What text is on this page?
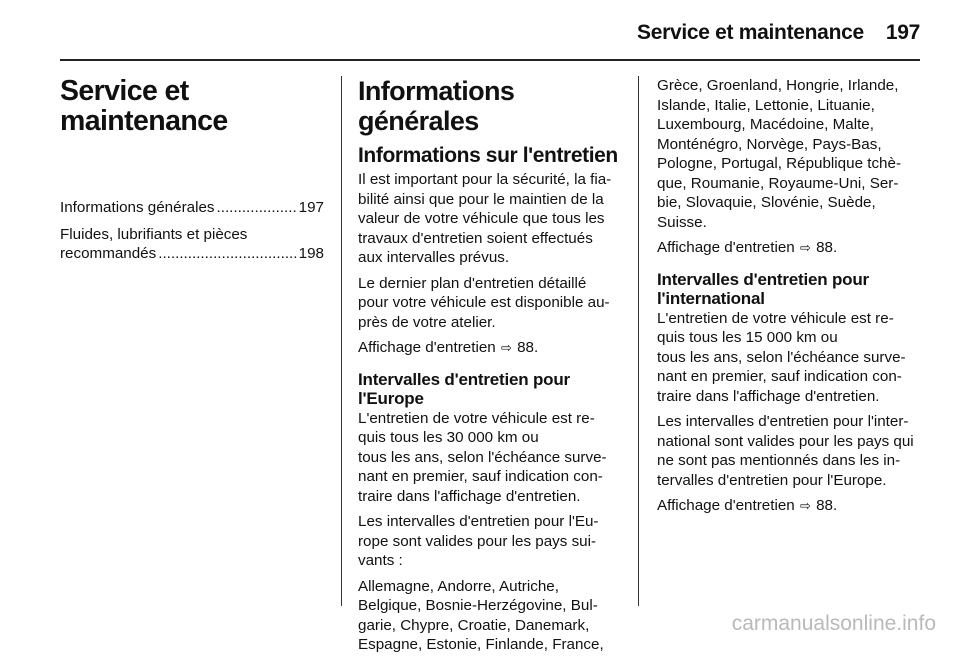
Service et maintenance 197
Service et
maintenance
Informations générales .....	197
Fluides, lubrifiants et pièces
recommandés .....	198
Informations générales
Informations sur l'entretien

Il est important pour la sécurité, la fia-
bilité ainsi que pour le maintien de la
valeur de votre véhicule que tous les
travaux d'entretien soient effectués
aux intervalles prévus.

Le dernier plan d'entretien détaillé
pour votre véhicule est disponible au-
près de votre atelier.

Affichage d'entretien ⇨ 88.

Intervalles d'entretien pour
l'Europe

L'entretien de votre véhicule est re-
quis tous les 30 000 km ou
tous les ans, selon l'échéance surve-
nant en premier, sauf indication con-
traire dans l'affichage d'entretien.

Les intervalles d'entretien pour l'Eu-
rope sont valides pour les pays sui-
vants :

Allemagne, Andorre, Autriche,
Belgique, Bosnie-Herzégovine, Bul-
garie, Chypre, Croatie, Danemark,
Espagne, Estonie, Finlande, France,

Grèce, Groenland, Hongrie, Irlande,
Islande, Italie, Lettonie, Lituanie,
Luxembourg, Macédoine, Malte,
Monténégro, Norvège, Pays-Bas,
Pologne, Portugal, République tchè-
que, Roumanie, Royaume-Uni, Ser-
bie, Slovaquie, Slovénie, Suède,
Suisse.

Affichage d'entretien ⇨ 88.

Intervalles d'entretien pour
l'international

L'entretien de votre véhicule est re-
quis tous les 15 000 km ou
tous les ans, selon l'échéance surve-
nant en premier, sauf indication con-
traire dans l'affichage d'entretien.

Les intervalles d'entretien pour l'inter-
national sont valides pour les pays qui
ne sont pas mentionnés dans les in-
tervalles d'entretien pour l'Europe.

Affichage d'entretien ⇨ 88.

carmanualsonline.info
